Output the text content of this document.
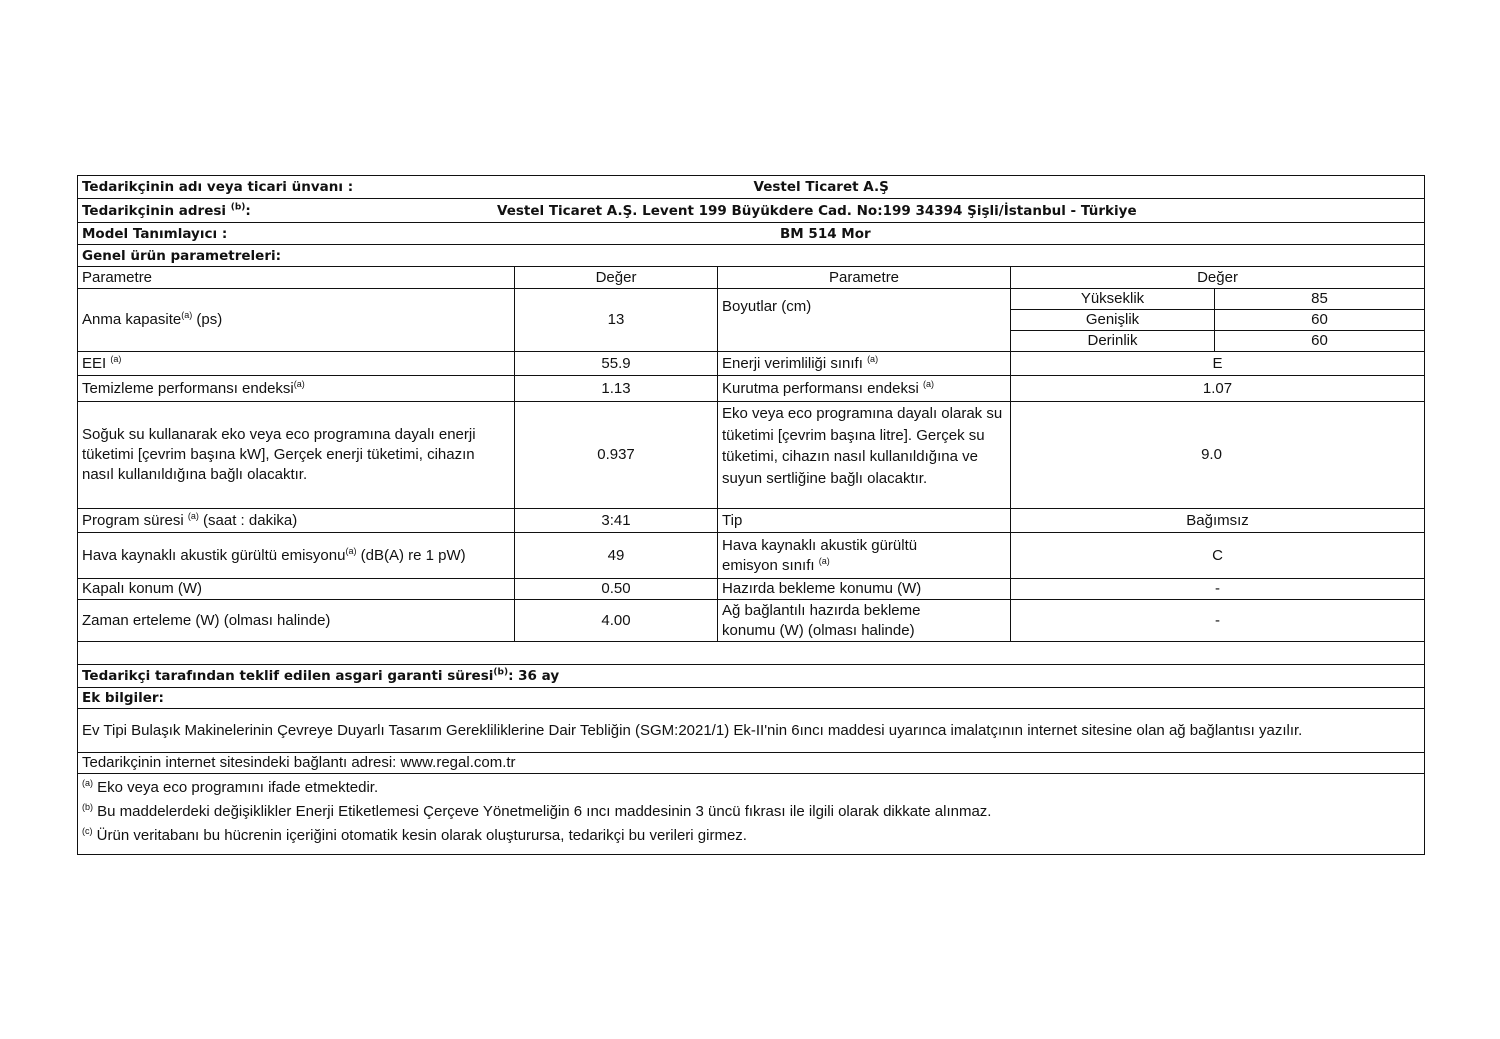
Tedarikçinin adı veya ticari ünvanı :		Vestel Ticaret A.Ş		

Tedarikçinin adresi $^{(b)}$: Vestel Ticaret A.Ş. Levent 199 Büyükdere Cad. No:199 34394 Şişli/İstanbul - Türkiye				

Model Tanımlayıcı : BM 514 Mor				

Genel ürün parametreleri:				
Parametre	Değer	Parametre	Değer	
Anma kapasite$^{(a)}$ (ps)	13	Boyutlar (cm)	Yükseklik	85
			Genişlik	60
			Derinlik	60
EEI $^{(a)}$	55.9	Enerji verimliliği sınıfı $^{(a)}$	E	
Temizleme performansı endeksi$^{(a)}$	1.13	Kurutma performansı endeksi $^{(a)}$	1.07	
Soğuk su kullanarak eko veya eco programına dayalı enerji tüketimi [çevrim başına kW], Gerçek enerji tüketimi, cihazın nasıl kullanıldığına bağlı olacaktır.	0.937	Eko veya eco programına dayalı olarak su tüketimi [çevrim başına litre]. Gerçek su tüketimi, cihazın nasıl kullanıldığına ve suyun sertliğine bağlı olacaktır.	9.0	
Program süresi $^{(a)}$ (saat : dakika)	3:41	Tip	Bağımsız	
Hava kaynaklı akustik gürültü emisyonu$^{(a)}$ (dB(A) re 1 pW)	49	Hava kaynaklı akustik gürültü emisyon sınıfı $^{(a)}$	C	
Kapalı konum (W)	0.50	Hazırda bekleme konumu (W)	-	
Zaman erteleme (W) (olması halinde)	4.00	Ağ bağlantılı hazırda bekleme konumu (W) (olması halinde)	-	

Tedarikçi tarafından teklif edilen asgari garanti süresi$^{(b)}$: 36 ay				
Ek bilgiler:				
Ev Tipi Bulaşık Makinelerinin Çevreye Duyarlı Tasarım Gerekliliklerine Dair Tebliğin (SGM:2021/1) Ek-II'nin 6ıncı maddesi uyarınca imalatçının internet sitesine olan ağ bağlantısı yazılır.				
Tedarikçinin internet sitesindeki bağlantı adresi: www.regal.com.tr				

$^{(a)}$ Eko veya eco programını ifade etmektedir.
$^{(b)}$ Bu maddelerdeki değişiklikler Enerji Etiketlemesi Çerçeve Yönetmeliğin 6 ıncı maddesinin 3 üncü fıkrası ile ilgili olarak dikkate alınmaz.
$^{(c)}$ Ürün veritabanı bu hücrenin içeriğini otomatik kesin olarak oluşturursa, tedarikçi bu verileri girmez.				
